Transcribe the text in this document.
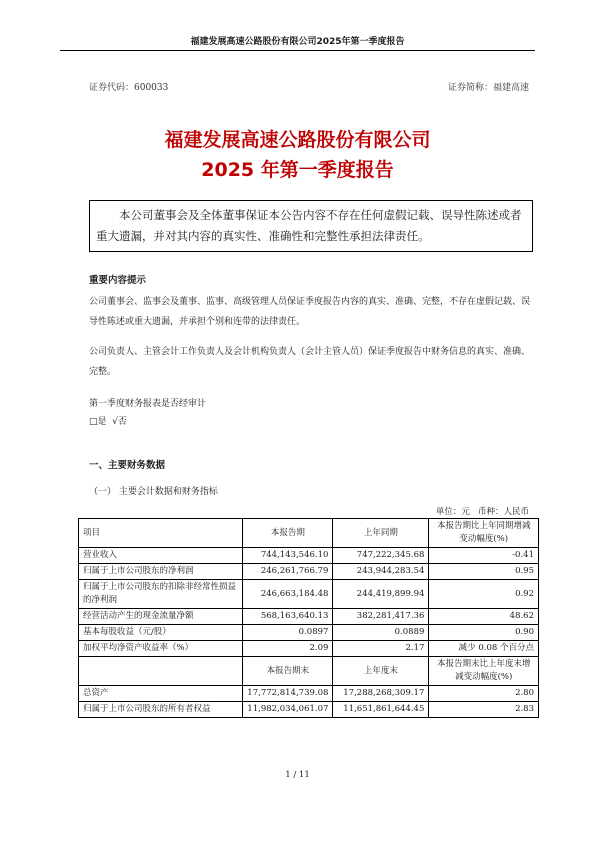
福建发展高速公路股份有限公司2025年第一季度报告
证券代码：600033	证券简称：福建高速
福建发展高速公路股份有限公司
2025 年第一季度报告
本公司董事会及全体董事保证本公告内容不存在任何虚假记载、误导性陈述或者重大遗漏，并对其内容的真实性、准确性和完整性承担法律责任。
重要内容提示
公司董事会、监事会及董事、监事、高级管理人员保证季度报告内容的真实、准确、完整，不存在虚假记载、误导性陈述或重大遗漏，并承担个别和连带的法律责任。
公司负责人、主管会计工作负责人及会计机构负责人（会计主管人员）保证季度报告中财务信息的真实、准确、完整。
第一季度财务报表是否经审计
□是  √否
一、主要财务数据
（一） 主要会计数据和财务指标
单位：元   币种：人民币
项目	本报告期	上年同期	本报告期比上年同期增减变动幅度(%)
营业收入	744,143,546.10	747,222,345.68	-0.41
归属于上市公司股东的净利润	246,261,766.79	243,944,283.54	0.95
归属于上市公司股东的扣除非经常性损益的净利润	246,663,184.48	244,419,899.94	0.92
经营活动产生的现金流量净额	568,163,640.13	382,281,417.36	48.62
基本每股收益（元/股）	0.0897	0.0889	0.90
加权平均净资产收益率（%）	2.09	2.17	减少 0.08 个百分点
	本报告期末	上年度末	本报告期末比上年度末增减变动幅度(%)
总资产	17,772,814,739.08	17,288,268,309.17	2.80
归属于上市公司股东的所有者权益	11,982,034,061.07	11,651,861,644.45	2.83
1 / 11
